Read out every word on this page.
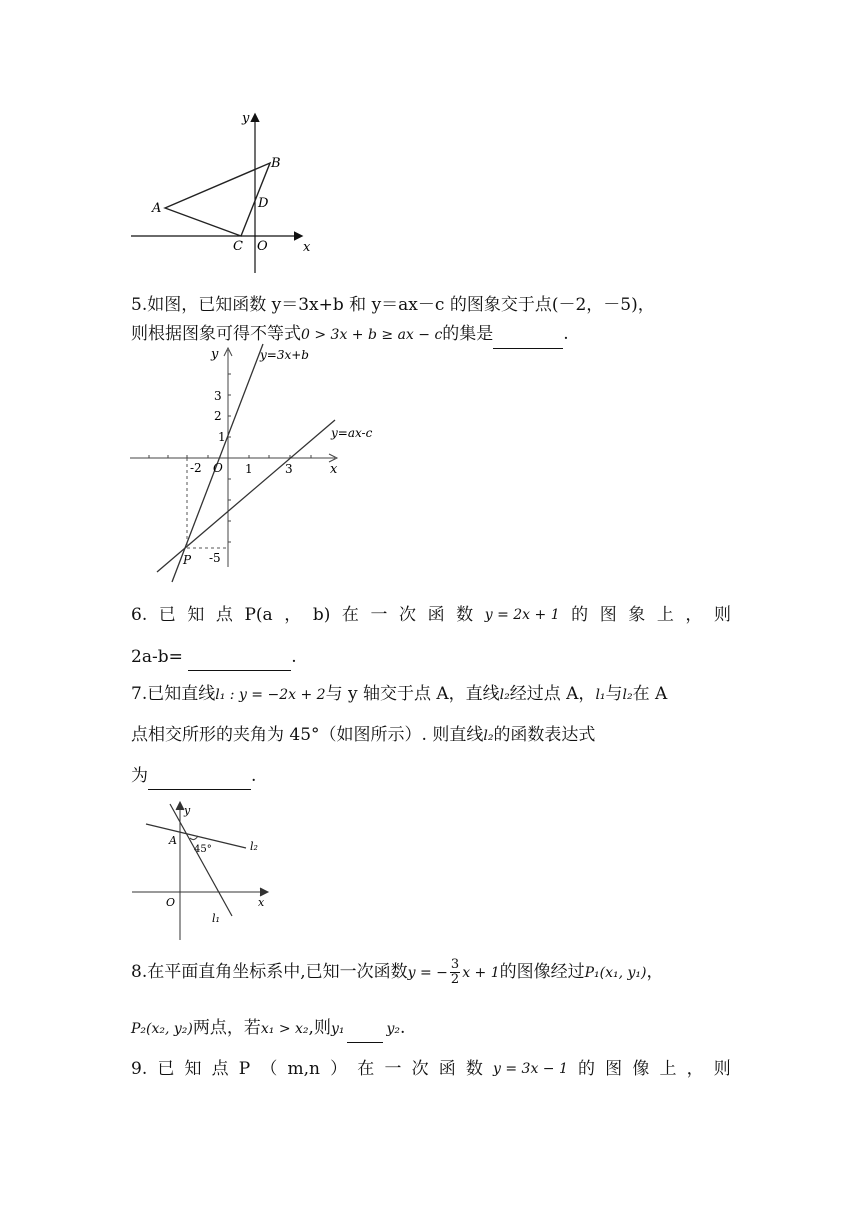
y
x
B
A	D
C O
5.如图，已知函数 y＝3x+b 和 y＝ax－c 的图象交于点(－2，－5)，
则根据图象可得不等式0 > 3x + b ≥ ax − c的集是	.
y
x
y=3x+b
y=ax-c
3
2
1
-2 O 1	3
-5
P
6. 已 知 点 P(a ， b) 在 一 次 函 数 y = 2x + 1 的 图 象 上 ， 则
2a-b=	.
7.已知直线l₁ : y = −2x + 2与 y 轴交于点 A，直线l₂经过点 A，l₁与l₂在 A
点相交所形的夹角为 45°（如图所示）. 则直线l₂的函数表达式
为	.
y
x
A
O
45°	l₂
l₁
8.在平面直角坐标系中,已知一次函数y = − $\frac{3}{2}$ x + 1的图像经过P₁(x₁, y₁)，
P₂(x₂, y₂)两点，若x₁ > x₂,则y₁	y₂.
9. 已 知 点 P （ m,n ） 在 一 次 函 数 y = 3x − 1 的 图 像 上 ， 则
